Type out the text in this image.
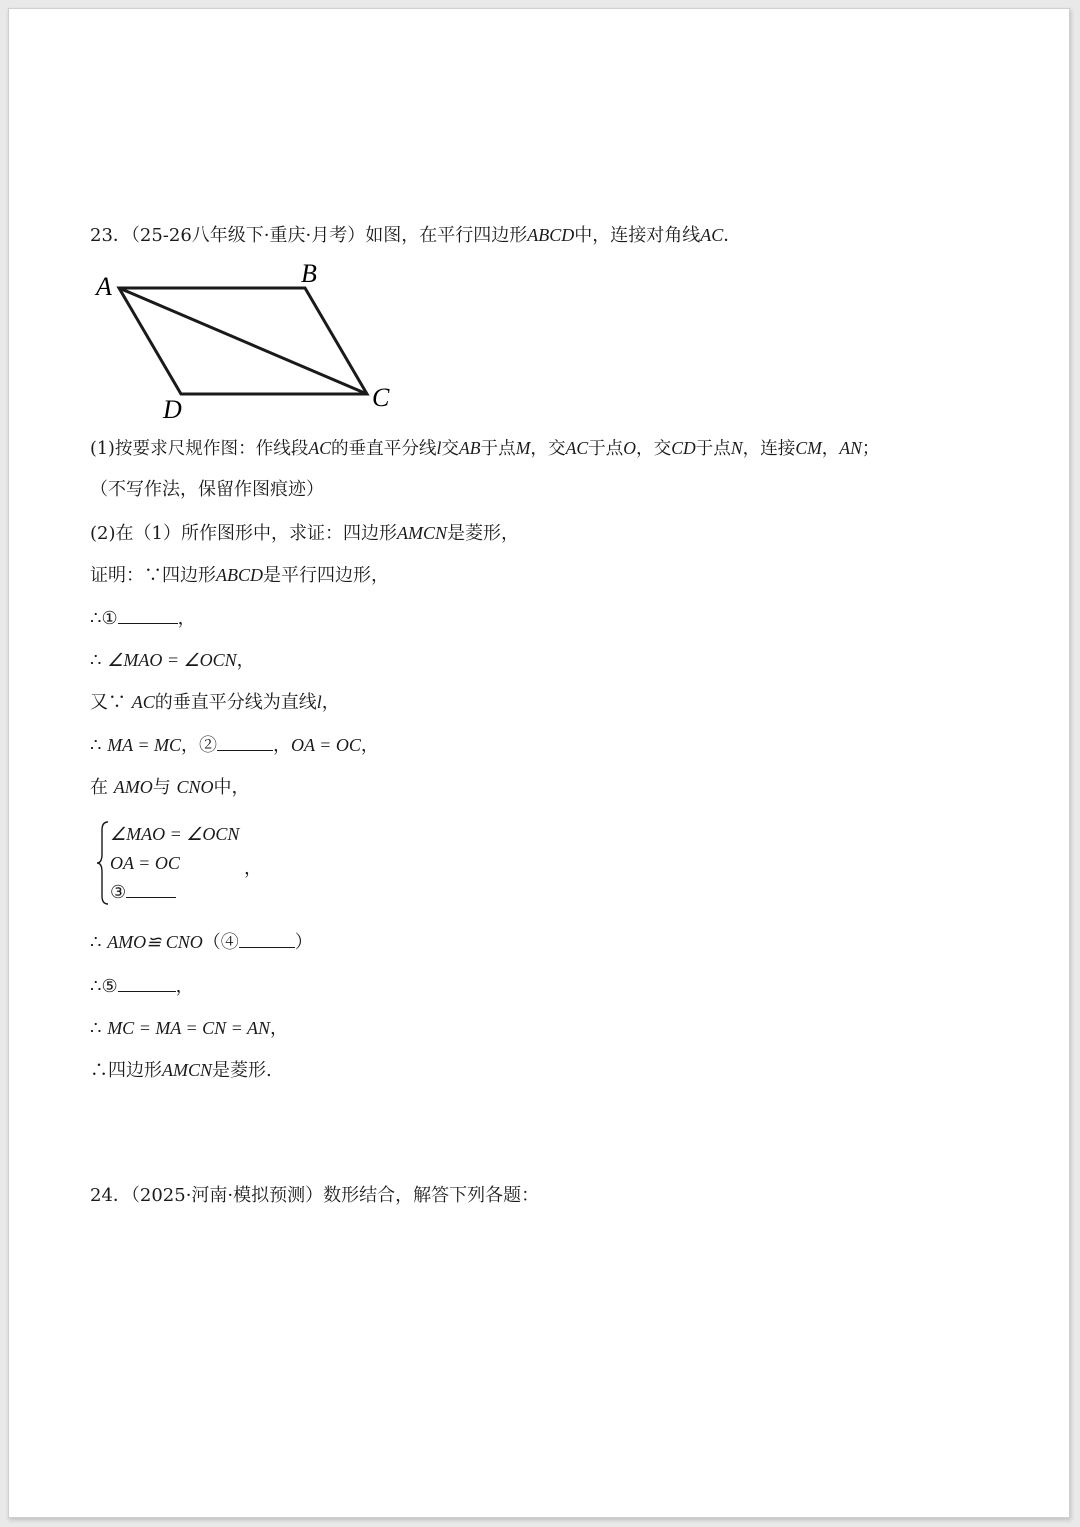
23．（25-26八年级下·重庆·月考）如图，在平行四边形ABCD中，连接对角线AC．
A	B
C
D
(1)按要求尺规作图：作线段AC的垂直平分线l交AB于点M，交AC于点O，交CD于点N，连接CM，AN；
（不写作法，保留作图痕迹）
(2)在（1）所作图形中，求证：四边形AMCN是菱形，
证明：∵四边形ABCD是平行四边形，
∴①	，
∴ ∠MAO = ∠OCN，
又∵ AC的垂直平分线为直线l，
∴ MA = MC，②	，OA = OC，
在 AMO与 CNO中，
∠MAO = ∠OCN
OA = OC	，
③
∴ AMO≌ CNO（④	）
∴⑤	，
∴ MC = MA = CN = AN，
∴四边形AMCN是菱形.
24．（2025·河南·模拟预测）数形结合，解答下列各题：
